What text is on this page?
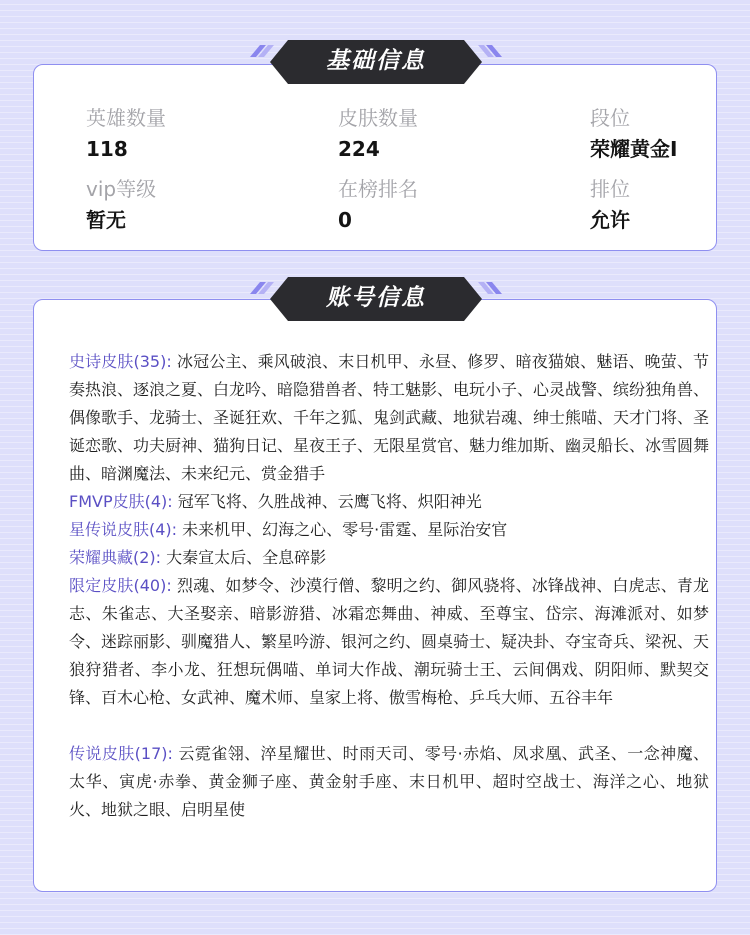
英雄数量
118
皮肤数量
224
段位
荣耀黄金I
vip等级
暂无
在榜排名
0
排位
允许
史诗皮肤(35): 冰冠公主、乘风破浪、末日机甲、永昼、修罗、暗夜猫娘、魅语、晚萤、节奏热浪、逐浪之夏、白龙吟、暗隐猎兽者、特工魅影、电玩小子、心灵战警、缤纷独角兽、偶像歌手、龙骑士、圣诞狂欢、千年之狐、鬼剑武藏、地狱岩魂、绅士熊喵、天才门将、圣诞恋歌、功夫厨神、猫狗日记、星夜王子、无限星赏官、魅力维加斯、幽灵船长、冰雪圆舞曲、暗渊魔法、未来纪元、赏金猎手
FMVP皮肤(4): 冠军飞将、久胜战神、云鹰飞将、炽阳神光
星传说皮肤(4): 未来机甲、幻海之心、零号·雷霆、星际治安官
荣耀典藏(2): 大秦宣太后、全息碎影
限定皮肤(40): 烈魂、如梦令、沙漠行僧、黎明之约、御风骁将、冰锋战神、白虎志、青龙志、朱雀志、大圣娶亲、暗影游猎、冰霜恋舞曲、神威、至尊宝、岱宗、海滩派对、如梦令、迷踪丽影、驯魔猎人、繁星吟游、银河之约、圆桌骑士、疑决卦、夺宝奇兵、梁祝、天狼狩猎者、李小龙、狂想玩偶喵、单词大作战、潮玩骑士王、云间偶戏、阴阳师、默契交锋、百木心枪、女武神、魔术师、皇家上将、傲雪梅枪、乒乓大师、五谷丰年
传说皮肤(17): 云霓雀翎、淬星耀世、时雨天司、零号·赤焰、凤求凰、武圣、一念神魔、太华、寅虎·赤拳、黄金狮子座、黄金射手座、末日机甲、超时空战士、海洋之心、地狱火、地狱之眼、启明星使
基础信息
账号信息
